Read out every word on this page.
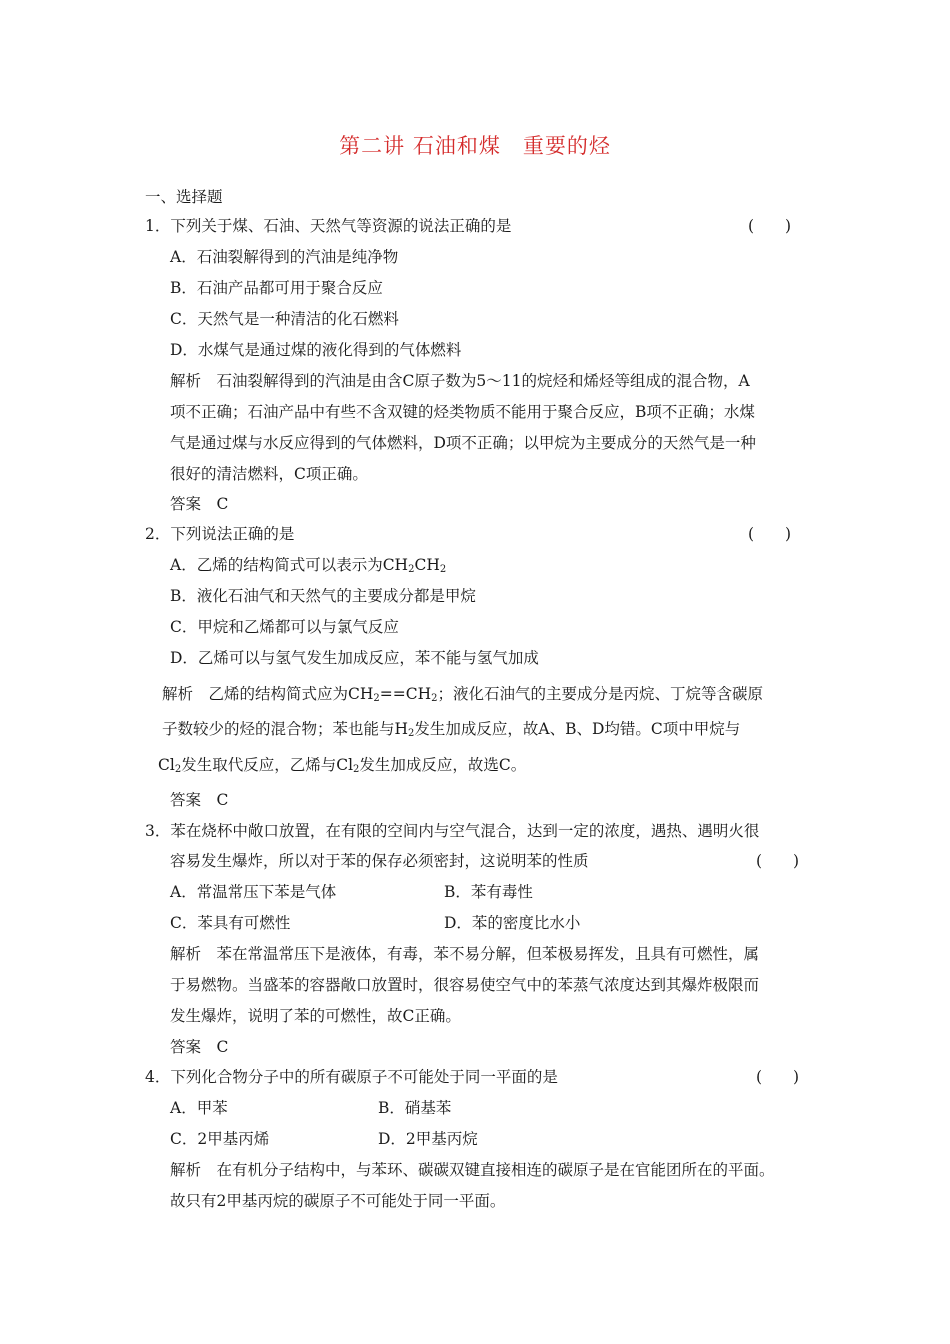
第二讲 石油和煤　重要的烃
一、选择题
1．下列关于煤、石油、天然气等资源的说法正确的是	(　　)
A．石油裂解得到的汽油是纯净物
B．石油产品都可用于聚合反应
C．天然气是一种清洁的化石燃料
D．水煤气是通过煤的液化得到的气体燃料
解析　石油裂解得到的汽油是由含C原子数为5～11的烷烃和烯烃等组成的混合物，A
项不正确；石油产品中有些不含双键的烃类物质不能用于聚合反应，B项不正确；水煤
气是通过煤与水反应得到的气体燃料，D项不正确；以甲烷为主要成分的天然气是一种
很好的清洁燃料，C项正确。
答案　C
2．下列说法正确的是	(　　)
A．乙烯的结构简式可以表示为$CH_2CH_2$
B．液化石油气和天然气的主要成分都是甲烷
C．甲烷和乙烯都可以与氯气反应
D．乙烯可以与氢气发生加成反应，苯不能与氢气加成
解析　乙烯的结构简式应为$CH_2==CH_2$；液化石油气的主要成分是丙烷、丁烷等含碳原
子数较少的烃的混合物；苯也能与$H_2$发生加成反应，故A、B、D均错。C项中甲烷与
$Cl_2$发生取代反应，乙烯与$Cl_2$发生加成反应，故选C。
答案　C
3．苯在烧杯中敞口放置，在有限的空间内与空气混合，达到一定的浓度，遇热、遇明火很
容易发生爆炸，所以对于苯的保存必须密封，这说明苯的性质	(　　)
A．常温常压下苯是气体	B．苯有毒性
C．苯具有可燃性	D．苯的密度比水小
解析　苯在常温常压下是液体，有毒，苯不易分解，但苯极易挥发，且具有可燃性，属
于易燃物。当盛苯的容器敞口放置时，很容易使空气中的苯蒸气浓度达到其爆炸极限而
发生爆炸，说明了苯的可燃性，故C正确。
答案　C
4．下列化合物分子中的所有碳原子不可能处于同一平面的是	(　　)
A．甲苯	B．硝基苯
C．2甲基丙烯	D．2甲基丙烷
解析　在有机分子结构中，与苯环、碳碳双键直接相连的碳原子是在官能团所在的平面。
故只有2甲基丙烷的碳原子不可能处于同一平面。
